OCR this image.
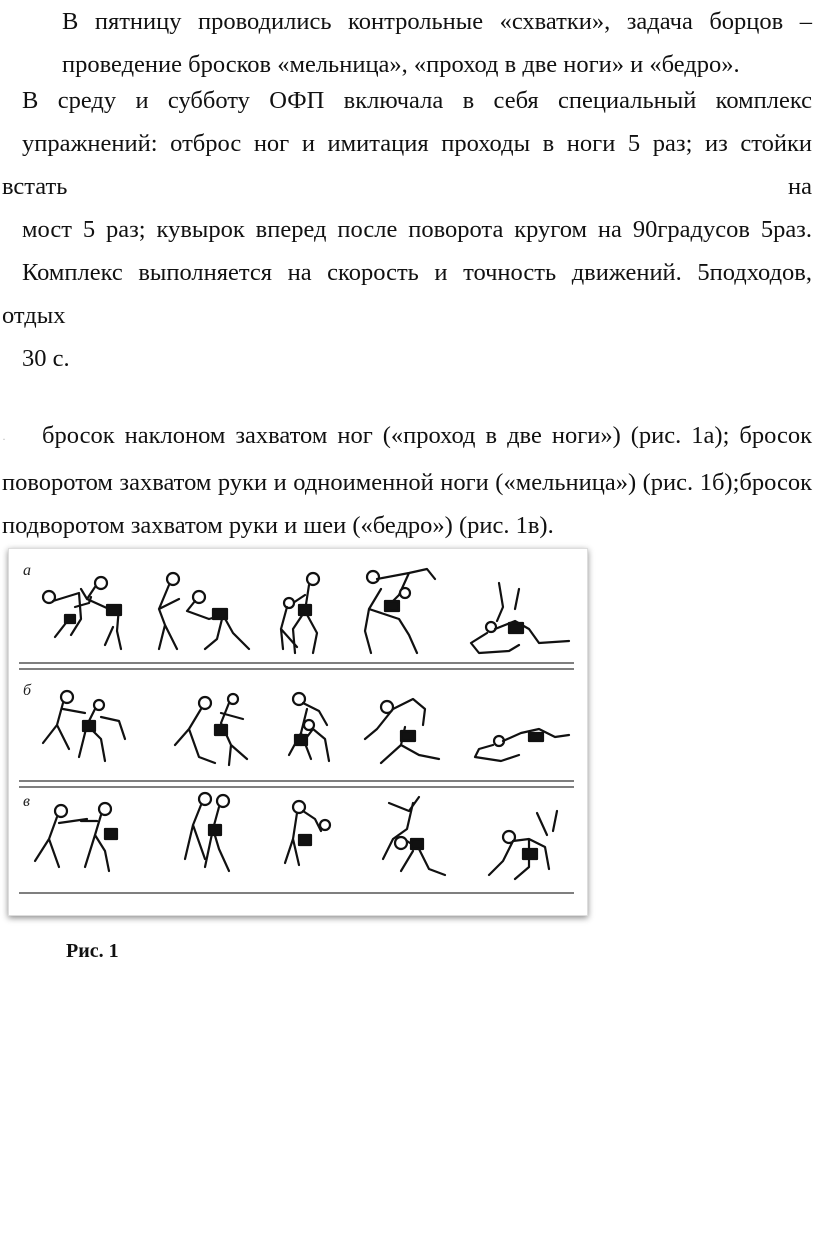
В пятницу проводились контрольные «схватки», задача борцов –
проведение бросков «мельница», «проход в две ноги» и «бедро».
В среду и субботу ОФП включала в себя специальный комплекс
упражнений: отброс ног и имитация проходы в ноги 5 раз; из стойки встать на
мост 5 раз; кувырок вперед после поворота кругом на 90градусов 5раз.
Комплекс выполняется на скорость и точность движений. 5подходов, отдых
30 с.
· бросок наклоном захватом ног («проход в две ноги») (рис. 1а); бросок
поворотом захватом руки и одноименной ноги («мельница») (рис. 1б);бросок
подворотом захватом руки и шеи («бедро») (рис. 1в).
а
б
в
Рис. 1
